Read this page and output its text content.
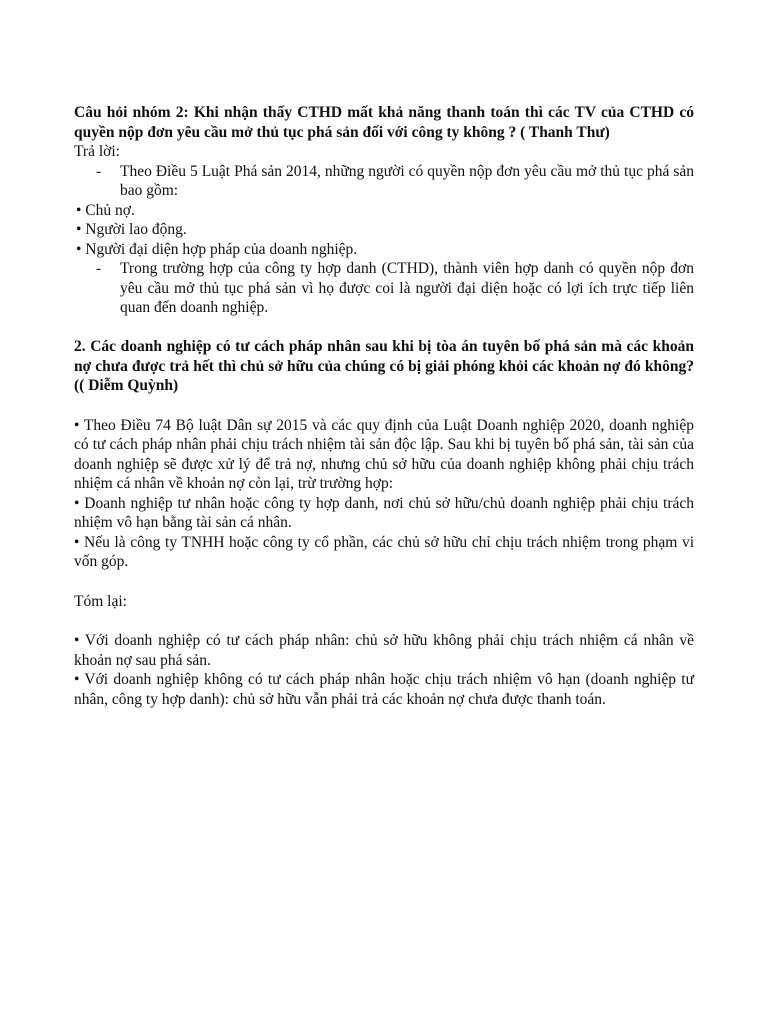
Câu hỏi nhóm 2: Khi nhận thấy CTHD mất khả năng thanh toán thì các TV của CTHD có quyền nộp đơn yêu cầu mở thủ tục phá sản đối với công ty không ? ( Thanh Thư)

Trả lời:

- Theo Điều 5 Luật Phá sản 2014, những người có quyền nộp đơn yêu cầu mở thủ tục phá sản bao gồm:

• Chủ nợ.

• Người lao động.

• Người đại diện hợp pháp của doanh nghiệp.

- Trong trường hợp của công ty hợp danh (CTHD), thành viên hợp danh có quyền nộp đơn yêu cầu mở thủ tục phá sản vì họ được coi là người đại diện hoặc có lợi ích trực tiếp liên quan đến doanh nghiệp.

2. Các doanh nghiệp có tư cách pháp nhân sau khi bị tòa án tuyên bố phá sản mà các khoản nợ chưa được trả hết thì chủ sở hữu của chúng có bị giải phóng khỏi các khoản nợ đó không? (( Diễm Quỳnh)

• Theo Điều 74 Bộ luật Dân sự 2015 và các quy định của Luật Doanh nghiệp 2020, doanh nghiệp có tư cách pháp nhân phải chịu trách nhiệm tài sản độc lập. Sau khi bị tuyên bố phá sản, tài sản của doanh nghiệp sẽ được xử lý để trả nợ, nhưng chủ sở hữu của doanh nghiệp không phải chịu trách nhiệm cá nhân về khoản nợ còn lại, trừ trường hợp:

• Doanh nghiệp tư nhân hoặc công ty hợp danh, nơi chủ sở hữu/chủ doanh nghiệp phải chịu trách nhiệm vô hạn bằng tài sản cá nhân.

• Nếu là công ty TNHH hoặc công ty cổ phần, các chủ sở hữu chỉ chịu trách nhiệm trong phạm vi vốn góp.

Tóm lại:

• Với doanh nghiệp có tư cách pháp nhân: chủ sở hữu không phải chịu trách nhiệm cá nhân về khoản nợ sau phá sản.

• Với doanh nghiệp không có tư cách pháp nhân hoặc chịu trách nhiệm vô hạn (doanh nghiệp tư nhân, công ty hợp danh): chủ sở hữu vẫn phải trả các khoản nợ chưa được thanh toán.
